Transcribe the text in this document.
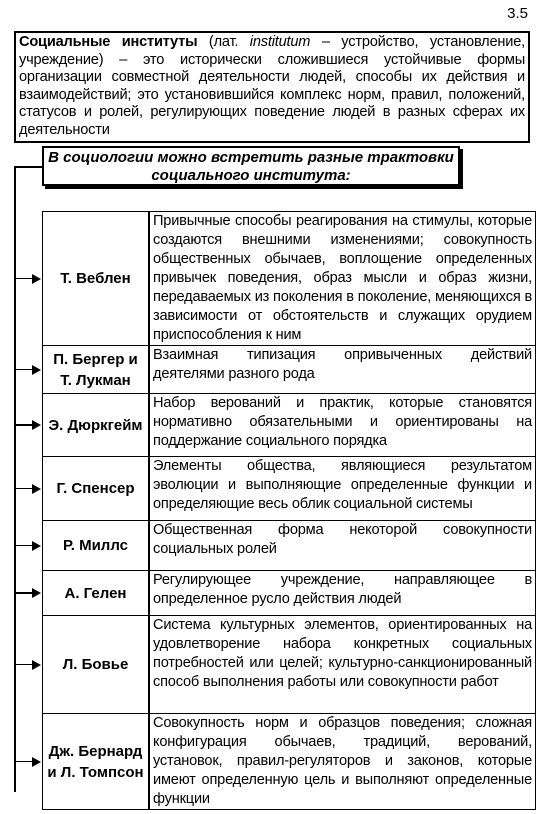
3.5
Социальные институты (лат. institutum – устройство, установление, учреждение) – это исторически сложившиеся устойчивые формы организации совместной деятельности людей, способы их действия и взаимодействий; это установившийся комплекс норм, правил, положений, статусов и ролей, регулирующих поведение людей в разных сферах их деятельности
В социологии можно встретить разные трактовки социального института:
Т. Веблен	Привычные способы реагирования на стимулы, которые создаются внешними изменениями; совокупность общественных обычаев, воплощение определенных привычек поведения, образ мысли и образ жизни, передаваемых из поколения в поколение, меняющихся в зависимости от обстоятельств и служащих орудием приспособления к ним
П. Бергер и Т. Лукман	Взаимная типизация опривыченных действий деятелями разного рода
Э. Дюркгейм	Набор верований и практик, которые становятся нормативно обязательными и ориентированы на поддержание социального порядка
Г. Спенсер	Элементы общества, являющиеся результатом эволюции и выполняющие определенные функции и определяющие весь облик социальной системы
Р. Миллс	Общественная форма некоторой совокупности социальных ролей
А. Гелен	Регулирующее учреждение, направляющее в определенное русло действия людей
Л. Бовье	Система культурных элементов, ориентированных на удовлетворение набора конкретных социальных потребностей или целей; культурно-санкционированный способ выполнения работы или совокупности работ
Дж. Бернард и Л. Томпсон	Совокупность норм и образцов поведения; сложная конфигурация обычаев, традиций, верований, установок, правил-регуляторов и законов, которые имеют определенную цель и выполняют определенные функции
